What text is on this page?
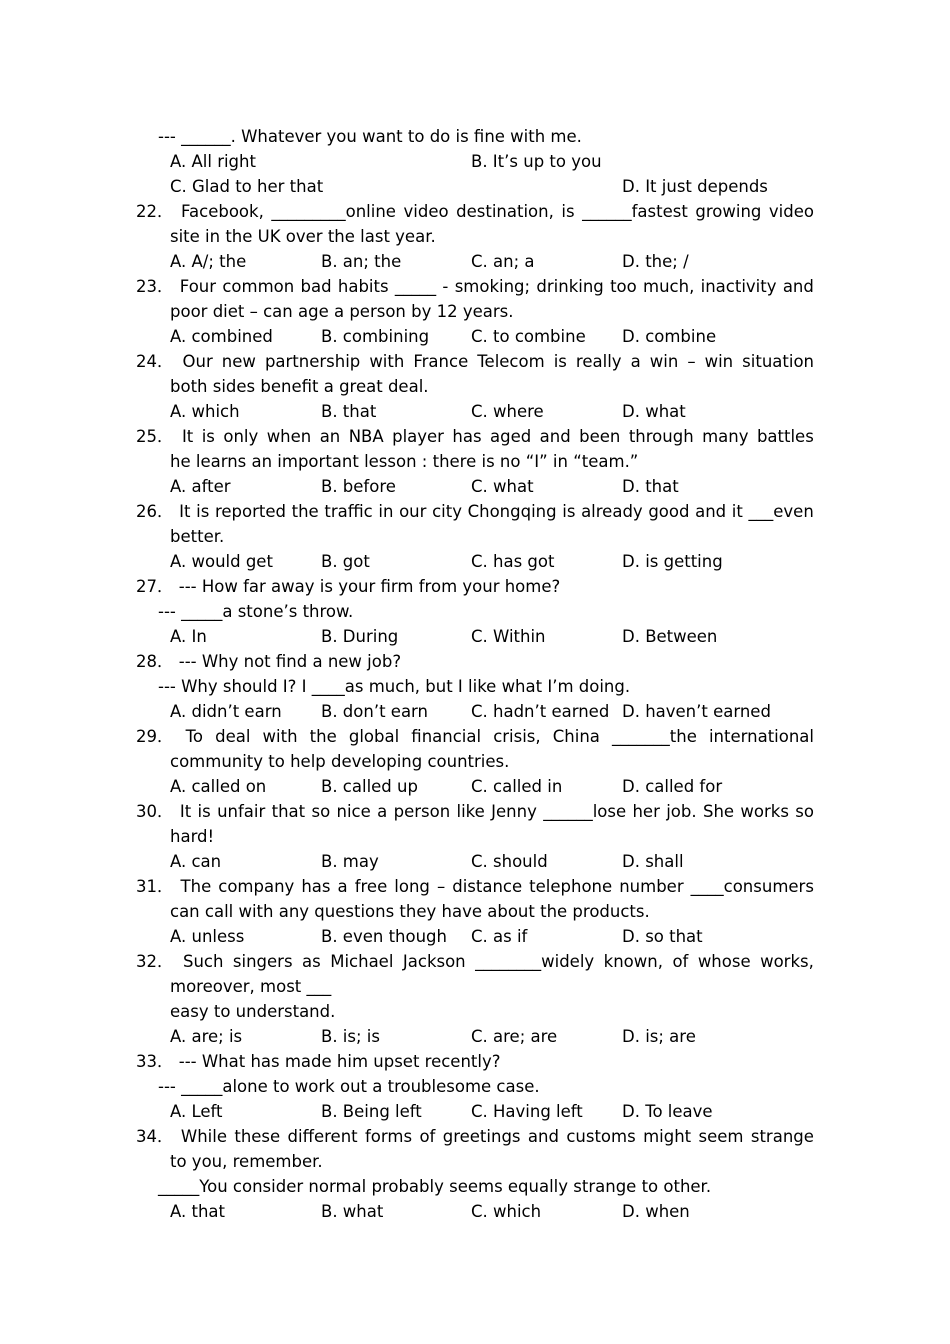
--- ______. Whatever you want to do is fine with me.
A. All right	B. It’s up to you
C. Glad to her that	D. It just depends
22． Facebook, _________online video destination, is ______fastest growing video
site in the UK over the last year.
A. A/; the	B. an; the	C. an; a	D. the; /
23． Four common bad habits _____ - smoking; drinking too much, inactivity and
poor diet – can age a person by 12 years.
A. combined	B. combining	C. to combine D. combine
24． Our new partnership with France Telecom is really a win – win situation
both sides benefit a great deal.
A. which	B. that	C. where	D. what
25． It is only when an NBA player has aged and been through many battles
he learns an important lesson : there is no “I” in “team.”
A. after	B. before	C. what	D. that
26． It is reported the traffic in our city Chongqing is already good and it ___even
better.
A. would get	B. got	C. has got	D. is getting
27． --- How far away is your firm from your home?
--- _____a stone’s throw.
A. In	B. During	C. Within	D. Between
28． --- Why not find a new job?
--- Why should I? I ____as much, but I like what I’m doing.
A. didn’t earn B. don’t earn	C. hadn’t earned D. haven’t earned
29． To deal with the global financial crisis, China _______the international
community to help developing countries.
A. called on	B. called up	C. called in	D. called for
30． It is unfair that so nice a person like Jenny ______lose her job. She works so
hard!
A. can	B. may	C. should	D. shall
31． The company has a free long – distance telephone number ____consumers
can call with any questions they have about the products.
A. unless	B. even though C. as if	D. so that
32． Such singers as Michael Jackson ________widely known, of whose works,
moreover, most ___
easy to understand.
A. are; is	B. is; is	C. are; are	D. is; are
33． --- What has made him upset recently?
--- _____alone to work out a troublesome case.
A. Left	B. Being left	C. Having left D. To leave
34． While these different forms of greetings and customs might seem strange
to you, remember.
_____You consider normal probably seems equally strange to other.
A. that	B. what	C. which	D. when
